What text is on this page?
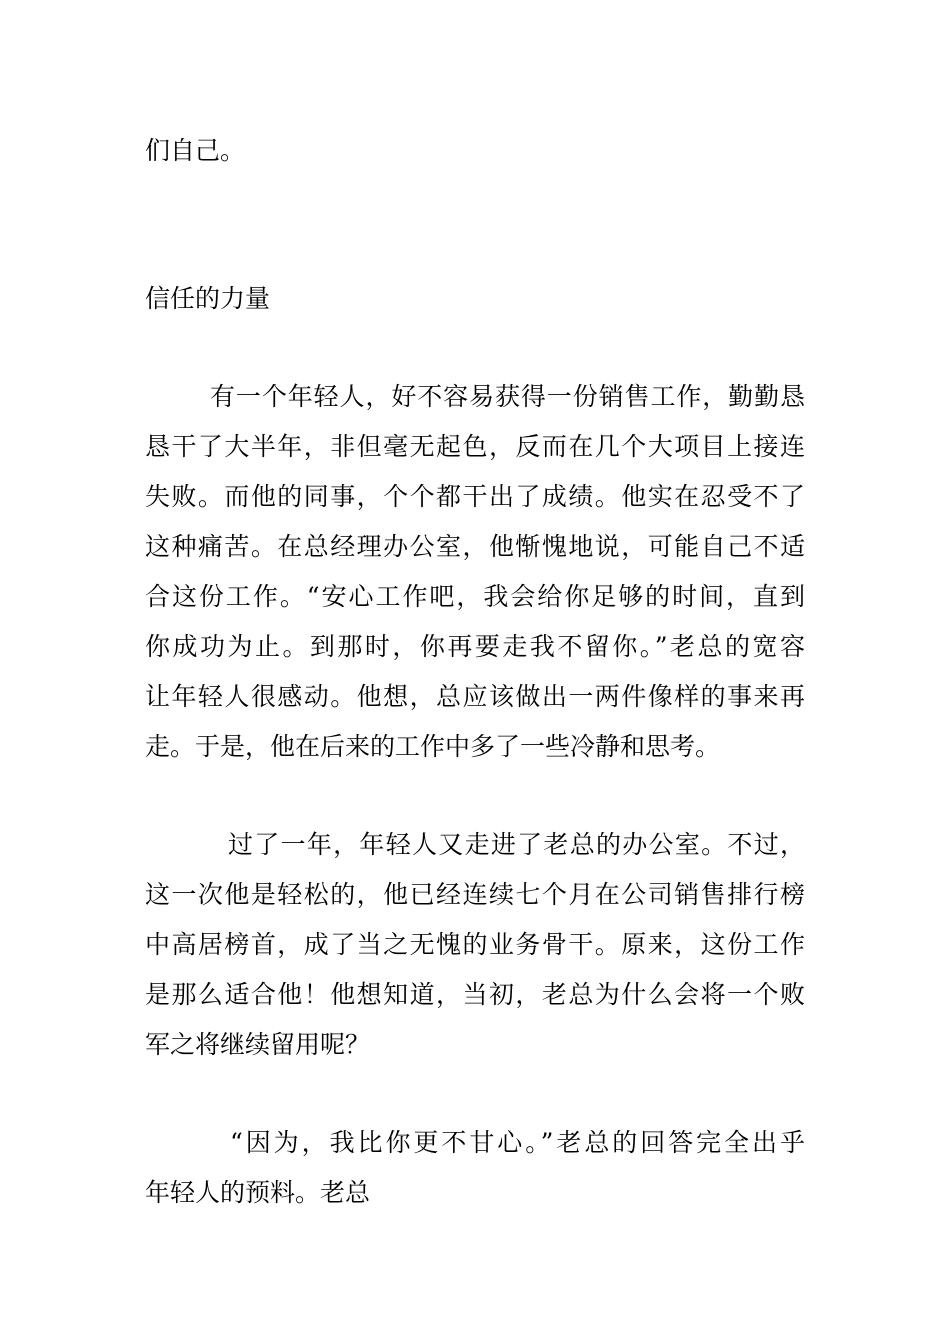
们自己。
信任的力量
有一个年轻人，好不容易获得一份销售工作，勤勤恳
恳干了大半年，非但毫无起色，反而在几个大项目上接连
失败。而他的同事，个个都干出了成绩。他实在忍受不了
这种痛苦。在总经理办公室，他惭愧地说，可能自己不适
合这份工作。“安心工作吧，我会给你足够的时间，直到
你成功为止。到那时，你再要走我不留你。”老总的宽容
让年轻人很感动。他想，总应该做出一两件像样的事来再
走。于是，他在后来的工作中多了一些冷静和思考。
过了一年，年轻人又走进了老总的办公室。不过，
这一次他是轻松的，他已经连续七个月在公司销售排行榜
中高居榜首，成了当之无愧的业务骨干。原来，这份工作
是那么适合他！他想知道，当初，老总为什么会将一个败
军之将继续留用呢？
“因为，我比你更不甘心。”老总的回答完全出乎
年轻人的预料。老总
